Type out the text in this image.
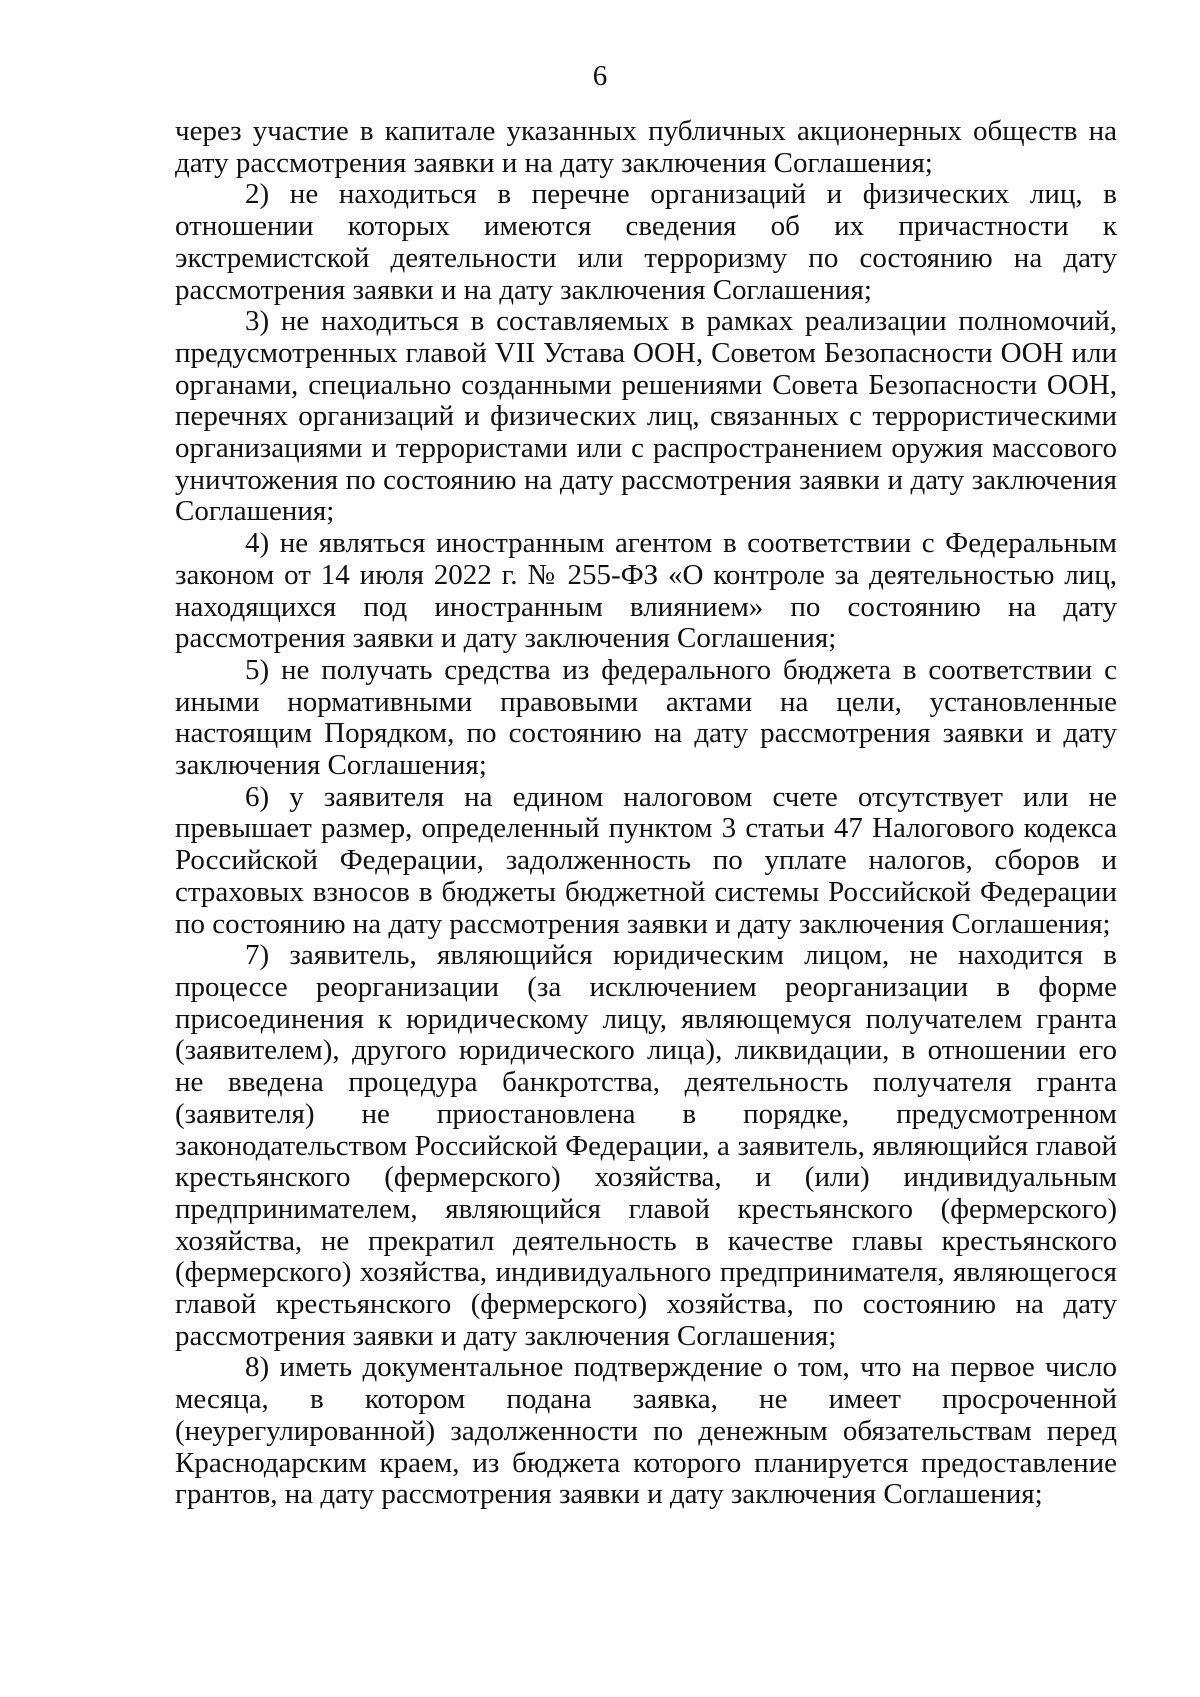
6

через участие в капитале указанных публичных акционерных обществ на дату рассмотрения заявки и на дату заключения Соглашения;

2) не находиться в перечне организаций и физических лиц, в отношении которых имеются сведения об их причастности к экстремистской деятельности или терроризму по состоянию на дату рассмотрения заявки и на дату заключения Соглашения;

3) не находиться в составляемых в рамках реализации полномочий, предусмотренных главой VII Устава ООН, Советом Безопасности ООН или органами, специально созданными решениями Совета Безопасности ООН, перечнях организаций и физических лиц, связанных с террористическими организациями и террористами или с распространением оружия массового уничтожения по состоянию на дату рассмотрения заявки и дату заключения Соглашения;

4) не являться иностранным агентом в соответствии с Федеральным законом от 14 июля 2022 г. № 255-ФЗ «О контроле за деятельностью лиц, находящихся под иностранным влиянием» по состоянию на дату рассмотрения заявки и дату заключения Соглашения;

5) не получать средства из федерального бюджета в соответствии с иными нормативными правовыми актами на цели, установленные настоящим Порядком, по состоянию на дату рассмотрения заявки и дату заключения Соглашения;

6) у заявителя на едином налоговом счете отсутствует или не превышает размер, определенный пунктом 3 статьи 47 Налогового кодекса Российской Федерации, задолженность по уплате налогов, сборов и страховых взносов в бюджеты бюджетной системы Российской Федерации по состоянию на дату рассмотрения заявки и дату заключения Соглашения;

7) заявитель, являющийся юридическим лицом, не находится в процессе реорганизации (за исключением реорганизации в форме присоединения к юридическому лицу, являющемуся получателем гранта (заявителем), другого юридического лица), ликвидации, в отношении его не введена процедура банкротства, деятельность получателя гранта (заявителя) не приостановлена в порядке, предусмотренном законодательством Российской Федерации, а заявитель, являющийся главой крестьянского (фермерского) хозяйства, и (или) индивидуальным предпринимателем, являющийся главой крестьянского (фермерского) хозяйства, не прекратил деятельность в качестве главы крестьянского (фермерского) хозяйства, индивидуального предпринимателя, являющегося главой крестьянского (фермерского) хозяйства, по состоянию на дату рассмотрения заявки и дату заключения Соглашения;

8) иметь документальное подтверждение о том, что на первое число месяца, в котором подана заявка, не имеет просроченной (неурегулированной) задолженности по денежным обязательствам перед Краснодарским краем, из бюджета которого планируется предоставление грантов, на дату рассмотрения заявки и дату заключения Соглашения;
